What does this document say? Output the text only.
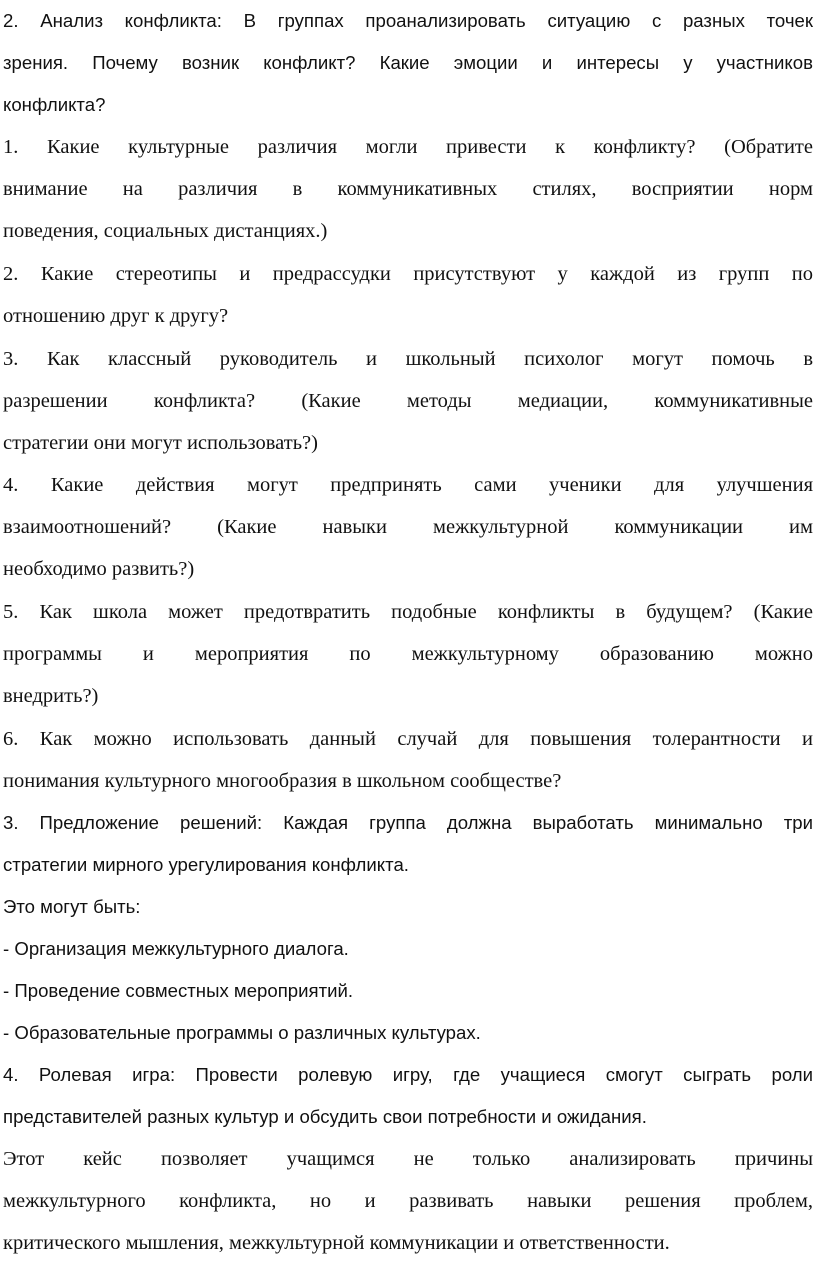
2. Анализ конфликта: В группах проанализировать ситуацию с разных точек
зрения. Почему возник конфликт? Какие эмоции и интересы у участников
конфликта?
1. Какие культурные различия могли привести к конфликту? (Обратите
внимание на различия в коммуникативных стилях, восприятии норм
поведения, социальных дистанциях.)
2. Какие стереотипы и предрассудки присутствуют у каждой из групп по
отношению друг к другу?
3. Как классный руководитель и школьный психолог могут помочь в
разрешении конфликта? (Какие методы медиации, коммуникативные
стратегии они могут использовать?)
4. Какие действия могут предпринять сами ученики для улучшения
взаимоотношений? (Какие навыки межкультурной коммуникации им
необходимо развить?)
5. Как школа может предотвратить подобные конфликты в будущем? (Какие
программы и мероприятия по межкультурному образованию можно
внедрить?)
6. Как можно использовать данный случай для повышения толерантности и
понимания культурного многообразия в школьном сообществе?
3. Предложение решений: Каждая группа должна выработать минимально три
стратегии мирного урегулирования конфликта.
Это могут быть:
- Организация межкультурного диалога.
- Проведение совместных мероприятий.
- Образовательные программы о различных культурах.
4. Ролевая игра: Провести ролевую игру, где учащиеся смогут сыграть роли
представителей разных культур и обсудить свои потребности и ожидания.
Этот кейс позволяет учащимся не только анализировать причины
межкультурного конфликта, но и развивать навыки решения проблем,
критического мышления, межкультурной коммуникации и ответственности.
